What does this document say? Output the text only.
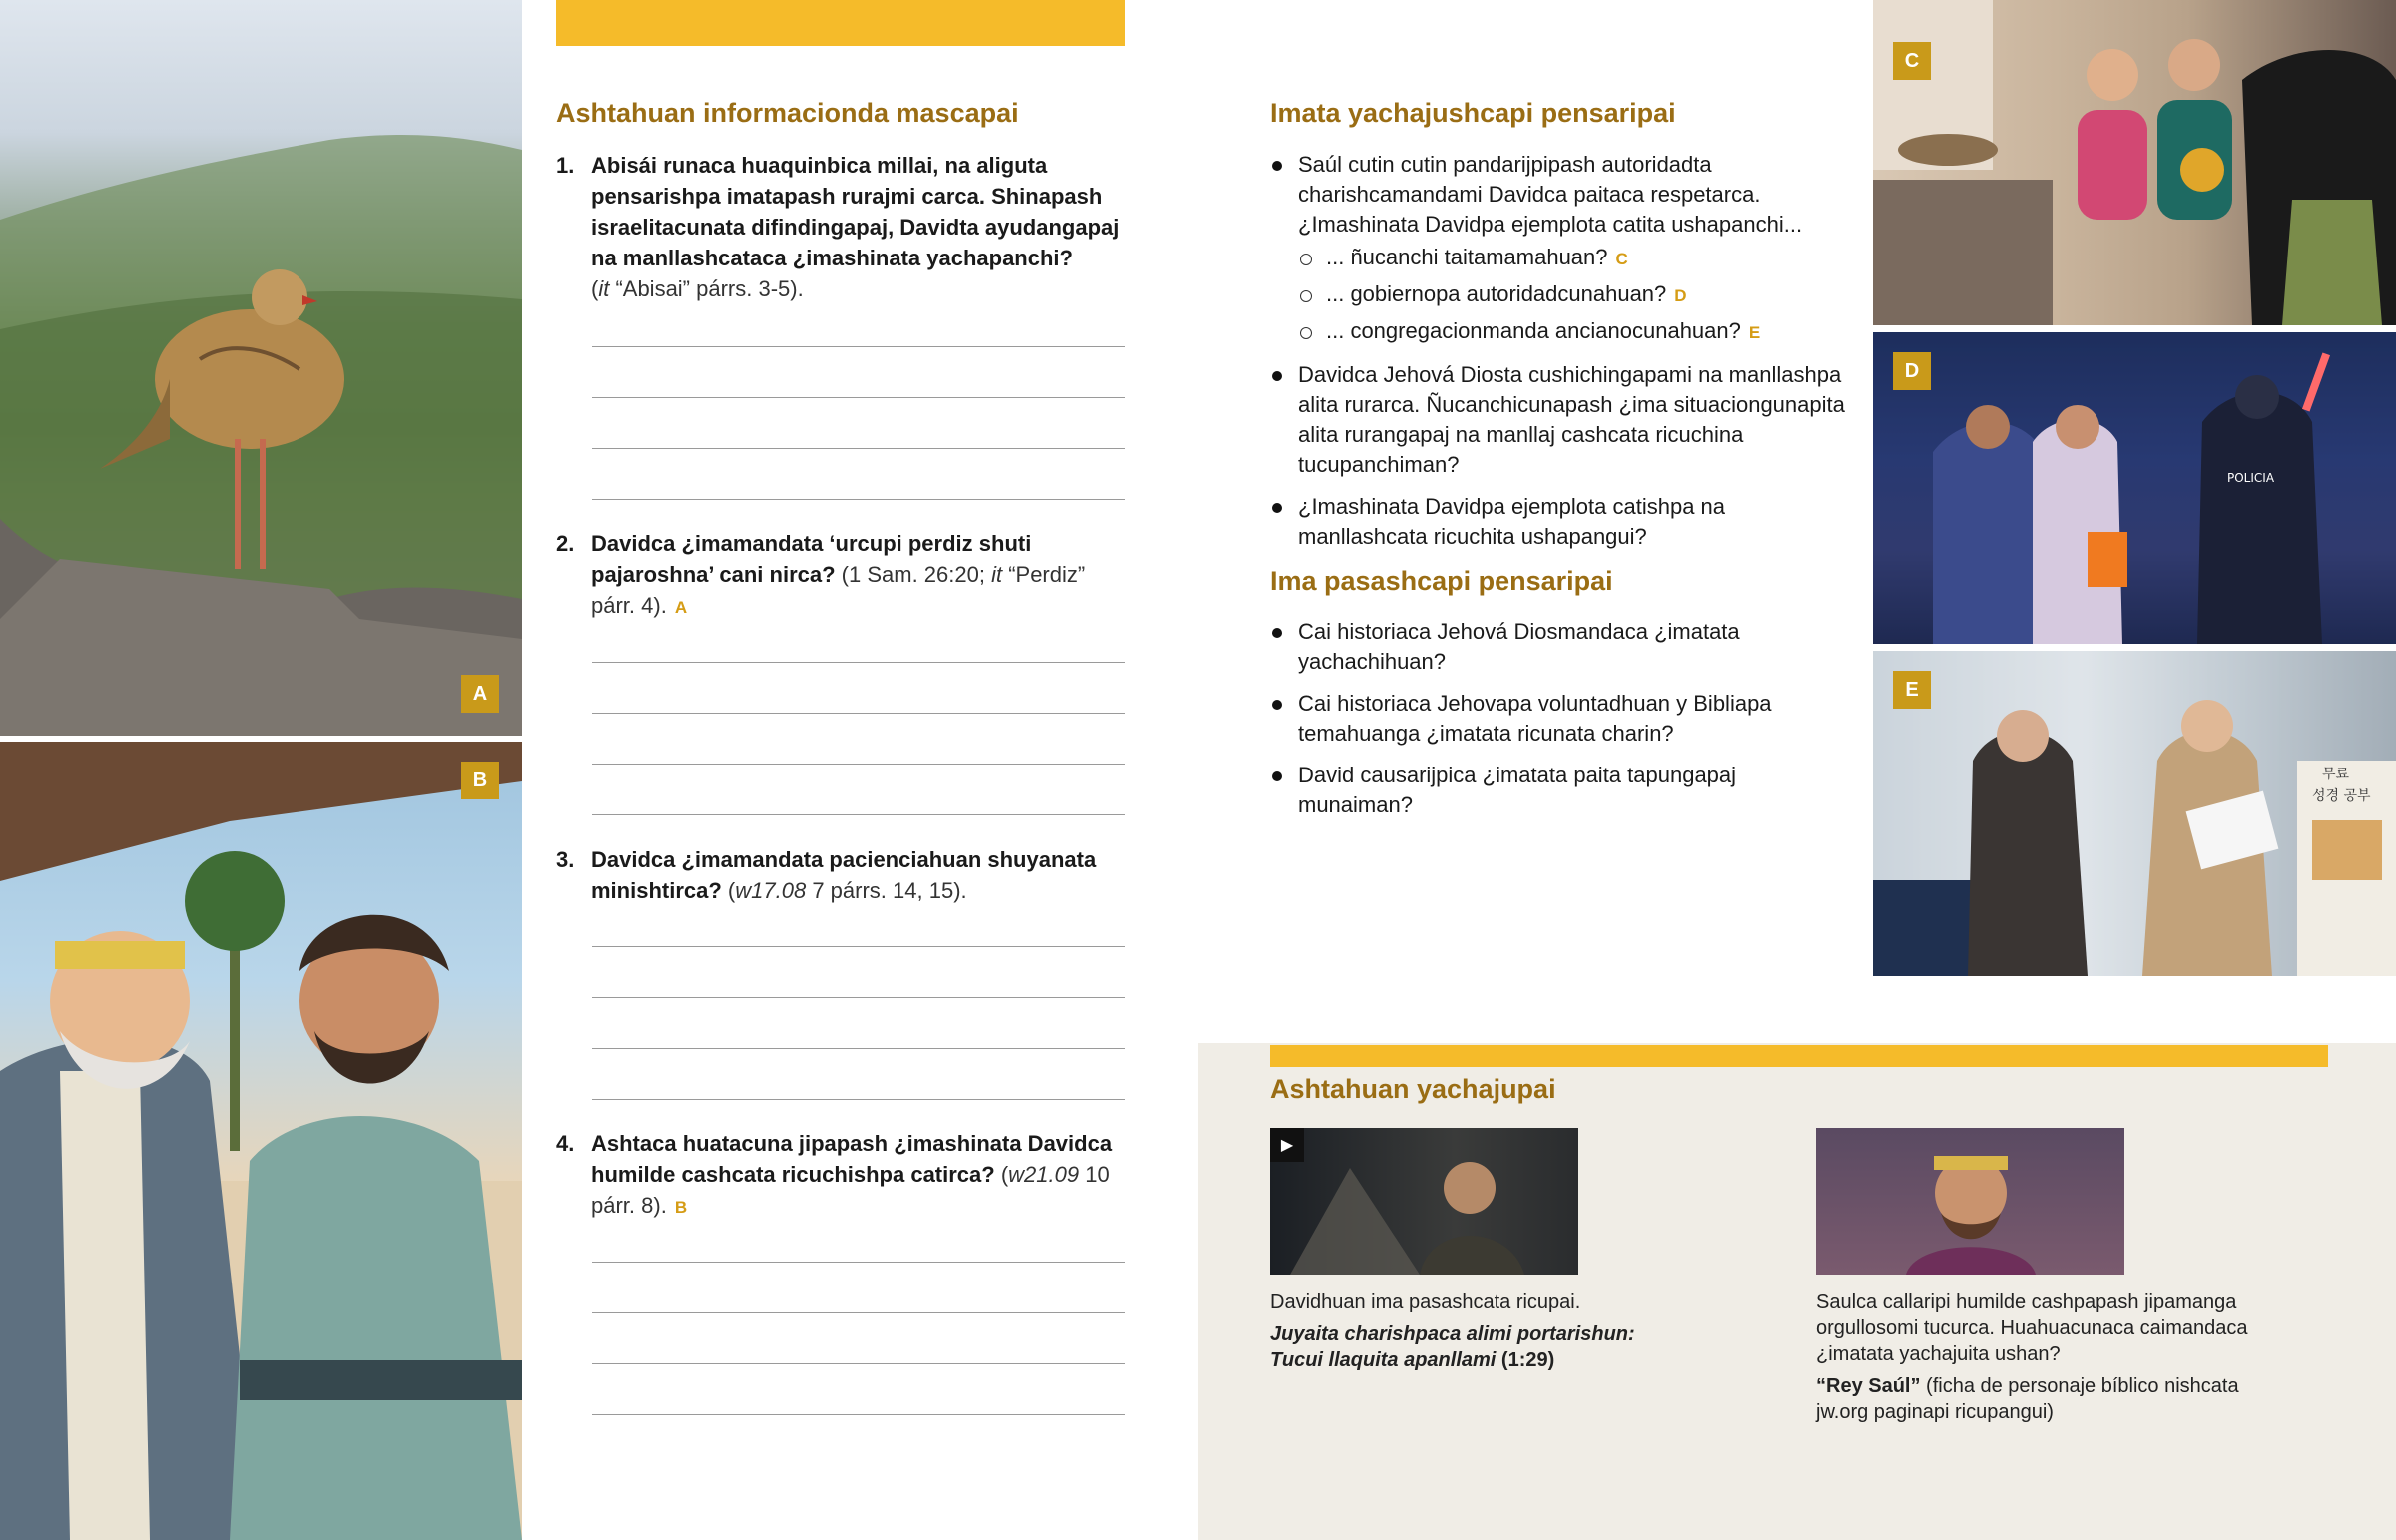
A
B
Ashtahuan informacionda mascapai
1. Abisái runaca huaquinbica millai, na aliguta pensarishpa imatapash rurajmi carca. Shinapash israelitacunata difindingapaj, Davidta ayudangapaj na manllashcataca ¿imashinata yachapanchi?
(it “Abisai” párrs. 3-5).
2. Davidca ¿imamandata ‘urcupi perdiz shuti pajaroshna’ cani nirca? (1 Sam. 26:20; it “Perdiz” párr. 4). A
3. Davidca ¿imamandata pacienciahuan shuyanata minishtirca? (w17.08 7 párrs. 14, 15).
4. Ashtaca huatacuna jipapash ¿imashinata Davidca humilde cashcata ricuchishpa catirca? (w21.09 10 párr. 8). B
Imata yachajushcapi pensaripai
Saúl cutin cutin pandarijpipash autoridadta charishcamandami Davidca paitaca respetarca. ¿Imashinata Davidpa ejemplota catita ushapanchi...
... ñucanchi taitamamahuan? C
... gobiernopa autoridadcunahuan? D
... congregacionmanda ancianocunahuan? E
Davidca Jehová Diosta cushichingapami na manllashpa alita rurarca. Ñucanchicunapash ¿ima situaciongunapita alita rurangapaj na manllaj cashcata ricuchina tucupanchiman?
¿Imashinata Davidpa ejemplota catishpa na manllashcata ricuchita ushapangui?
Ima pasashcapi pensaripai
Cai historiaca Jehová Diosmandaca ¿imatata yachachihuan?
Cai historiaca Jehovapa voluntadhuan y Bibliapa temahuanga ¿imatata ricunata charin?
David causarijpica ¿imatata paita tapungapaj munaiman?
C
POLICIA
D
무료
성경 공부
E
Ashtahuan yachajupai
▶
Davidhuan ima pasashcata ricupai.
Juyaita charishpaca alimi portarishun: Tucui llaquita apanllami (1:29)
Saulca callaripi humilde cashpapash jipamanga orgullosomi tucurca. Huahuacunaca caimandaca ¿imatata yachajuita ushan?
“Rey Saúl” (ficha de personaje bíblico nishcata jw.org paginapi ricupangui)
